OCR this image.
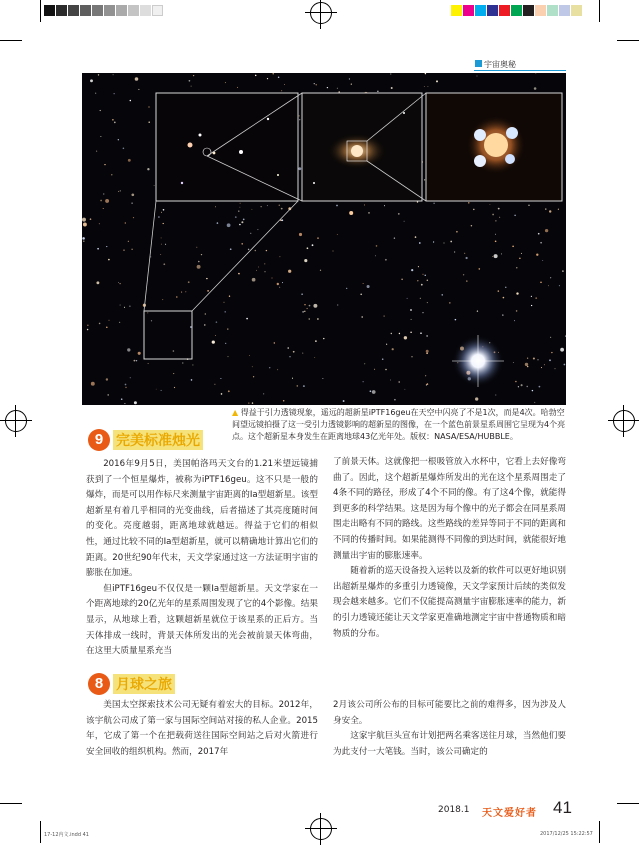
宇宙奥秘
▲ 得益于引力透镜现象，遥远的超新星iPTF16geu在天空中闪亮了不是1次，而是4次。哈勃空间望远镜拍摄了这一受引力透镜影响的超新星的图像，在一个蓝色前景星系周围它呈现为4个亮点。这个超新星本身发生在距离地球43亿光年处。版权：NASA/ESA/HUBBLE。
9 完美标准烛光

2016年9月5日，美国帕洛玛天文台的1.21米望远镜捕获到了一个恒星爆炸，被称为iPTF16geu。这不只是一般的爆炸，而是可以用作标尺来测量宇宙距离的Ia型超新星。该型超新星有着几乎相同的光变曲线，后者描述了其亮度随时间的变化。亮度越弱，距离地球就越远。得益于它们的相似性，通过比较不同的Ia型超新星，就可以精确地计算出它们的距离。20世纪90年代末，天文学家通过这一方法证明宇宙的膨胀在加速。

但iPTF16geu不仅仅是一颗Ia型超新星。天文学家在一个距离地球约20亿光年的星系周围发现了它的4个影像。结果显示，从地球上看，这颗超新星就位于该星系的正后方。当天体排成一线时，背景天体所发出的光会被前景天体弯曲，在这里大质量星系充当

了前景天体。这就像把一根吸管放入水杯中，它看上去好像弯曲了。因此，这个超新星爆炸所发出的光在这个星系周围走了4条不同的路径，形成了4个不同的像。有了这4个像，就能得到更多的科学结果。这是因为每个像中的光子都会在同星系周围走出略有不同的路线。这些路线的差异等同于不同的距离和不同的传播时间。如果能测得不同像的到达时间，就能很好地测量出宇宙的膨胀速率。

随着新的巡天设备投入运转以及新的软件可以更好地识别出超新星爆炸的多重引力透镜像，天文学家预计后续的类似发现会越来越多。它们不仅能提高测量宇宙膨胀速率的能力，新的引力透镜还能让天文学家更准确地测定宇宙中普通物质和暗物质的分布。

8 月球之旅

美国太空探索技术公司无疑有着宏大的目标。2012年，该宇航公司成了第一家与国际空间站对接的私人企业。2015年，它成了第一个在把载荷送往国际空间站之后对火箭进行安全回收的组织机构。然而，2017年

2月该公司所公布的目标可能要比之前的难得多，因为涉及人身安全。

这家宇航巨头宣布计划把两名乘客送往月球，当然他们要为此支付一大笔钱。当时，该公司确定的

2018.1 天文爱好者 41
17-12内文.indd 41	2017/12/25 15:22:57
